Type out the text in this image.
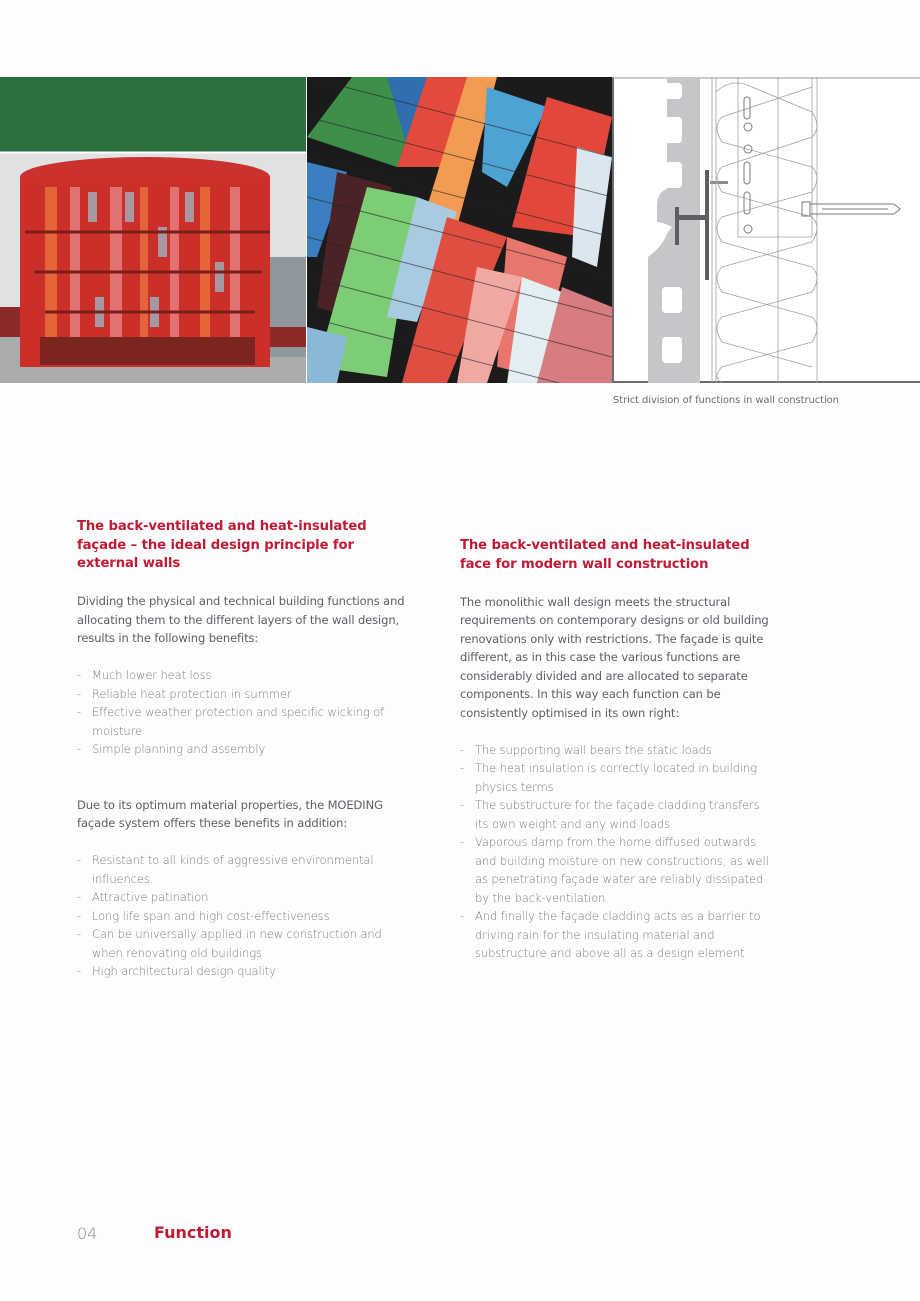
Strict division of functions in wall construction
The back-ventilated and heat-insulated façade – the ideal design principle for external walls

Dividing the physical and technical building functions and allocating them to the different layers of the wall design, results in the following benefits:

- Much lower heat loss
- Reliable heat protection in summer
- Effective weather protection and specific wicking of moisture
- Simple planning and assembly

Due to its optimum material properties, the MOEDING façade system offers these benefits in addition:

- Resistant to all kinds of aggressive environmental influences
- Attractive patination
- Long life span and high cost-effectiveness
- Can be universally applied in new construction and when renovating old buildings
- High architectural design quality
The back-ventilated and heat-insulated face for modern wall construction

The monolithic wall design meets the structural requirements on contemporary designs or old building renovations only with restrictions. The façade is quite different, as in this case the various functions are considerably divided and are allocated to separate components. In this way each function can be consistently optimised in its own right:

- The supporting wall bears the static loads
- The heat insulation is correctly located in building physics terms
- The substructure for the façade cladding transfers its own weight and any wind loads
- Vaporous damp from the home diffused outwards and building moisture on new constructions, as well as penetrating façade water are reliably dissipated by the back-ventilation
- And finally the façade cladding acts as a barrier to driving rain for the insulating material and substructure and above all as a design element
04	Function
